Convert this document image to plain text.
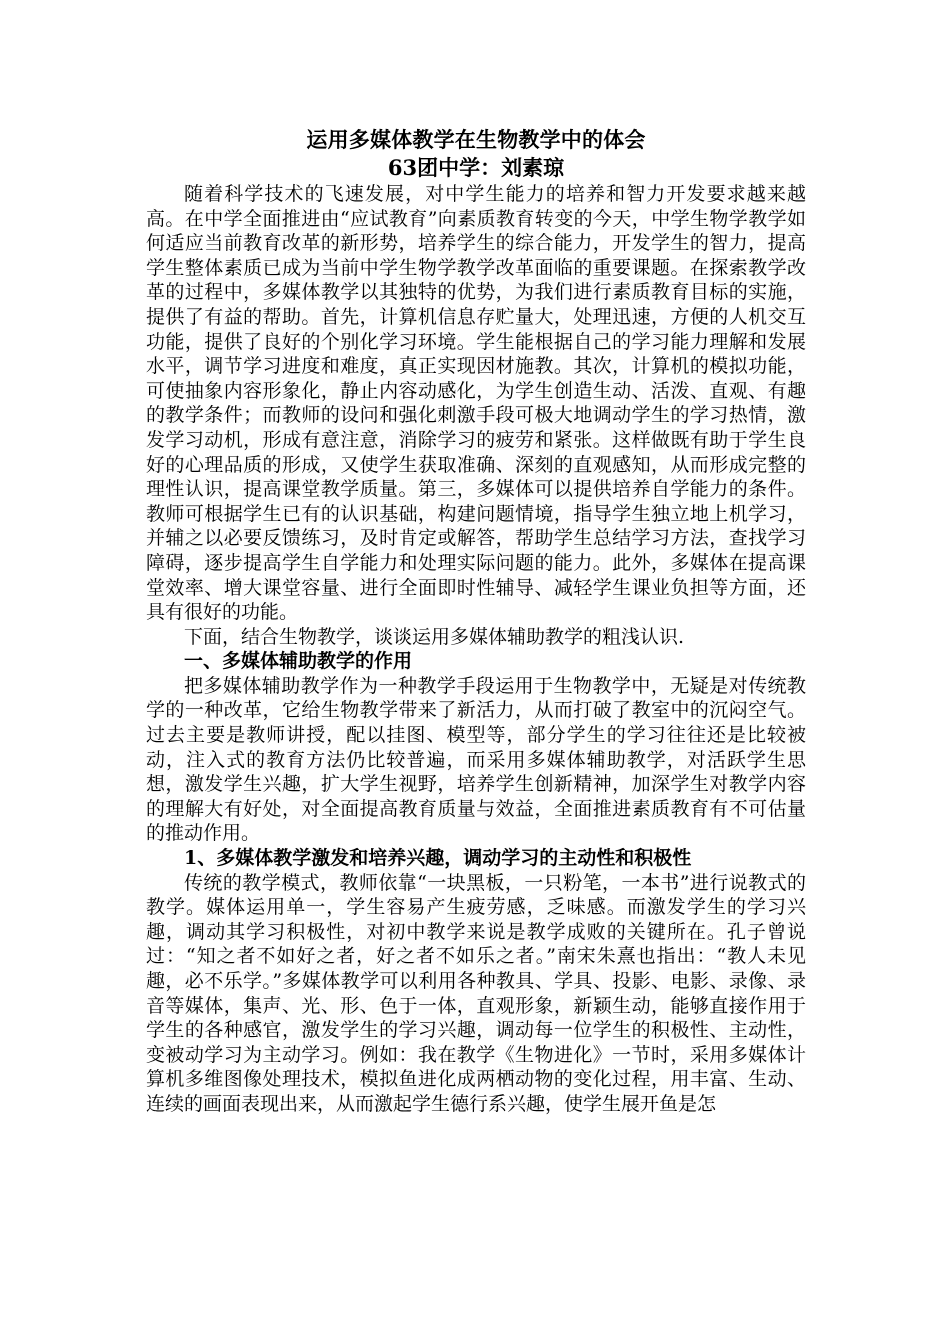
运用多媒体教学在生物教学中的体会
63团中学：刘素琼

随着科学技术的飞速发展，对中学生能力的培养和智力开发要求越来越高。在中学全面推进由“应试教育”向素质教育转变的今天，中学生物学教学如何适应当前教育改革的新形势，培养学生的综合能力，开发学生的智力，提高学生整体素质已成为当前中学生物学教学改革面临的重要课题。在探索教学改革的过程中，多媒体教学以其独特的优势，为我们进行素质教育目标的实施，提供了有益的帮助。首先，计算机信息存贮量大，处理迅速，方便的人机交互功能，提供了良好的个别化学习环境。学生能根据自己的学习能力理解和发展水平，调节学习进度和难度，真正实现因材施教。其次，计算机的模拟功能，可使抽象内容形象化，静止内容动感化，为学生创造生动、活泼、直观、有趣的教学条件；而教师的设问和强化刺激手段可极大地调动学生的学习热情，激发学习动机，形成有意注意，消除学习的疲劳和紧张。这样做既有助于学生良好的心理品质的形成，又使学生获取准确、深刻的直观感知，从而形成完整的理性认识，提高课堂教学质量。第三，多媒体可以提供培养自学能力的条件。教师可根据学生已有的认识基础，构建问题情境，指导学生独立地上机学习，并辅之以必要反馈练习，及时肯定或解答，帮助学生总结学习方法，查找学习障碍，逐步提高学生自学能力和处理实际问题的能力。此外，多媒体在提高课堂效率、增大课堂容量、进行全面即时性辅导、减轻学生课业负担等方面，还具有很好的功能。

下面，结合生物教学，谈谈运用多媒体辅助教学的粗浅认识.

一、多媒体辅助教学的作用

把多媒体辅助教学作为一种教学手段运用于生物教学中，无疑是对传统教学的一种改革，它给生物教学带来了新活力，从而打破了教室中的沉闷空气。过去主要是教师讲授，配以挂图、模型等，部分学生的学习往往还是比较被动，注入式的教育方法仍比较普遍，而采用多媒体辅助教学，对活跃学生思想，激发学生兴趣，扩大学生视野，培养学生创新精神，加深学生对教学内容的理解大有好处，对全面提高教育质量与效益，全面推进素质教育有不可估量的推动作用。

1、多媒体教学激发和培养兴趣，调动学习的主动性和积极性

传统的教学模式，教师依靠“一块黑板，一只粉笔，一本书”进行说教式的教学。媒体运用单一，学生容易产生疲劳感，乏味感。而激发学生的学习兴趣，调动其学习积极性，对初中教学来说是教学成败的关键所在。孔子曾说过：“知之者不如好之者，好之者不如乐之者。”南宋朱熹也指出：“教人未见趣，必不乐学。”多媒体教学可以利用各种教具、学具、投影、电影、录像、录音等媒体，集声、光、形、色于一体，直观形象，新颖生动，能够直接作用于学生的各种感官，激发学生的学习兴趣，调动每一位学生的积极性、主动性，变被动学习为主动学习。例如：我在教学《生物进化》一节时，采用多媒体计算机多维图像处理技术，模拟鱼进化成两栖动物的变化过程，用丰富、生动、连续的画面表现出来，从而激起学生德行系兴趣，使学生展开鱼是怎
